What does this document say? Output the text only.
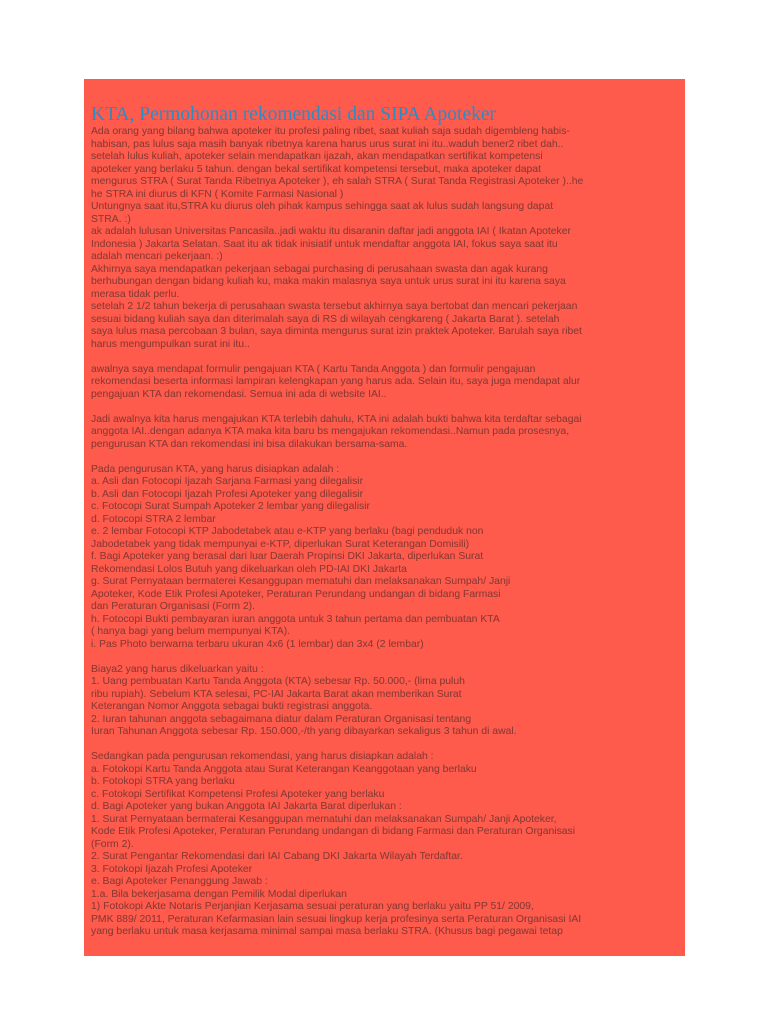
KTA, Permohonan rekomendasi dan SIPA Apoteker
Ada orang yang bilang bahwa apoteker itu profesi paling ribet, saat kuliah saja sudah digembleng habis-
habisan, pas lulus saja masih banyak ribetnya karena harus urus surat ini itu..waduh bener2 ribet dah..
setelah lulus kuliah, apoteker selain mendapatkan ijazah, akan mendapatkan sertifikat kompetensi
apoteker yang berlaku 5 tahun. dengan bekal sertifikat kompetensi tersebut, maka apoteker dapat
mengurus STRA ( Surat Tanda Ribetnya Apoteker ), eh salah STRA ( Surat Tanda Registrasi Apoteker )..he
he STRA ini diurus di KFN ( Komite Farmasi Nasional )
Untungnya saat itu,STRA ku diurus oleh pihak kampus sehingga saat ak lulus sudah langsung dapat
STRA. :)
ak adalah lulusan Universitas Pancasila..jadi waktu itu disaranin daftar jadi anggota IAI ( Ikatan Apoteker
Indonesia ) Jakarta Selatan. Saat itu ak tidak inisiatif untuk mendaftar anggota IAI, fokus saya saat itu
adalah mencari pekerjaan. :)
Akhirnya saya mendapatkan pekerjaan sebagai purchasing di perusahaan swasta dan agak kurang
berhubungan dengan bidang kuliah ku, maka makin malasnya saya untuk urus surat ini itu karena saya
merasa tidak perlu.
setelah 2 1/2 tahun bekerja di perusahaan swasta tersebut akhirnya saya bertobat dan mencari pekerjaan
sesuai bidang kuliah saya dan diterimalah saya di RS di wilayah cengkareng ( Jakarta Barat ). setelah
saya lulus masa percobaan 3 bulan, saya diminta mengurus surat izin praktek Apoteker. Barulah saya ribet
harus mengumpulkan surat ini itu..
awalnya saya mendapat formulir pengajuan KTA ( Kartu Tanda Anggota ) dan formulir pengajuan
rekomendasi beserta informasi lampiran kelengkapan yang harus ada. Selain itu, saya juga mendapat alur
pengajuan KTA dan rekomendasi. Semua ini ada di website IAI..
Jadi awalnya kita harus mengajukan KTA terlebih dahulu, KTA ini adalah bukti bahwa kita terdaftar sebagai
anggota IAI..dengan adanya KTA maka kita baru bs mengajukan rekomendasi..Namun pada prosesnya,
pengurusan KTA dan rekomendasi ini bisa dilakukan bersama-sama.
Pada pengurusan KTA, yang harus disiapkan adalah :
a. Asli dan Fotocopi Ijazah Sarjana Farmasi yang dilegalisir
b. Asli dan Fotocopi Ijazah Profesi Apoteker yang dilegalisir
c. Fotocopi Surat Sumpah Apoteker 2 lembar yang dilegalisir
d. Fotocopi STRA 2 lembar
e. 2 lembar Fotocopi KTP Jabodetabek atau e-KTP yang berlaku (bagi penduduk non
Jabodetabek yang tidak mempunyai e-KTP, diperlukan Surat Keterangan Domisili)
f. Bagi Apoteker yang berasal dari luar Daerah Propinsi DKI Jakarta, diperlukan Surat
Rekomendasi Lolos Butuh yang dikeluarkan oleh PD-IAI DKI Jakarta
g. Surat Pernyataan bermaterei Kesanggupan mematuhi dan melaksanakan Sumpah/ Janji
Apoteker, Kode Etik Profesi Apoteker, Peraturan Perundang undangan di bidang Farmasi
dan Peraturan Organisasi (Form 2).
h. Fotocopi Bukti pembayaran iuran anggota untuk 3 tahun pertama dan pembuatan KTA
( hanya bagi yang belum mempunyai KTA).
i. Pas Photo berwarna terbaru ukuran 4x6 (1 lembar) dan 3x4 (2 lembar)
Biaya2 yang harus dikeluarkan yaitu :
1. Uang pembuatan Kartu Tanda Anggota (KTA) sebesar Rp. 50.000,- (lima puluh
ribu rupiah). Sebelum KTA selesai, PC-IAI Jakarta Barat akan memberikan Surat
Keterangan Nomor Anggota sebagai bukti registrasi anggota.
2. Iuran tahunan anggota sebagaimana diatur dalam Peraturan Organisasi tentang
Iuran Tahunan Anggota sebesar Rp. 150.000,-/th yang dibayarkan sekaligus 3 tahun di awal.
Sedangkan pada pengurusan rekomendasi, yang harus disiapkan adalah :
a. Fotokopi Kartu Tanda Anggota atau Surat Keterangan Keanggotaan yang berlaku
b. Fotokopi STRA yang berlaku
c. Fotokopi Sertifikat Kompetensi Profesi Apoteker yang berlaku
d. Bagi Apoteker yang bukan Anggota IAI Jakarta Barat diperlukan :
1. Surat Pernyataan bermaterai Kesanggupan mematuhi dan melaksanakan Sumpah/ Janji Apoteker,
Kode Etik Profesi Apoteker, Peraturan Perundang undangan di bidang Farmasi dan Peraturan Organisasi
(Form 2).
2. Surat Pengantar Rekomendasi dari IAI Cabang DKI Jakarta Wilayah Terdaftar.
3. Fotokopi Ijazah Profesi Apoteker
e. Bagi Apoteker Penanggung Jawab :
1.a. Bila bekerjasama dengan Pemilik Modal diperlukan
1) Fotokopi Akte Notaris Perjanjian Kerjasama sesuai peraturan yang berlaku yaitu PP 51/ 2009,
PMK 889/ 2011, Peraturan Kefarmasian lain sesuai lingkup kerja profesinya serta Peraturan Organisasi IAI
yang berlaku untuk masa kerjasama minimal sampai masa berlaku STRA. (Khusus bagi pegawai tetap
